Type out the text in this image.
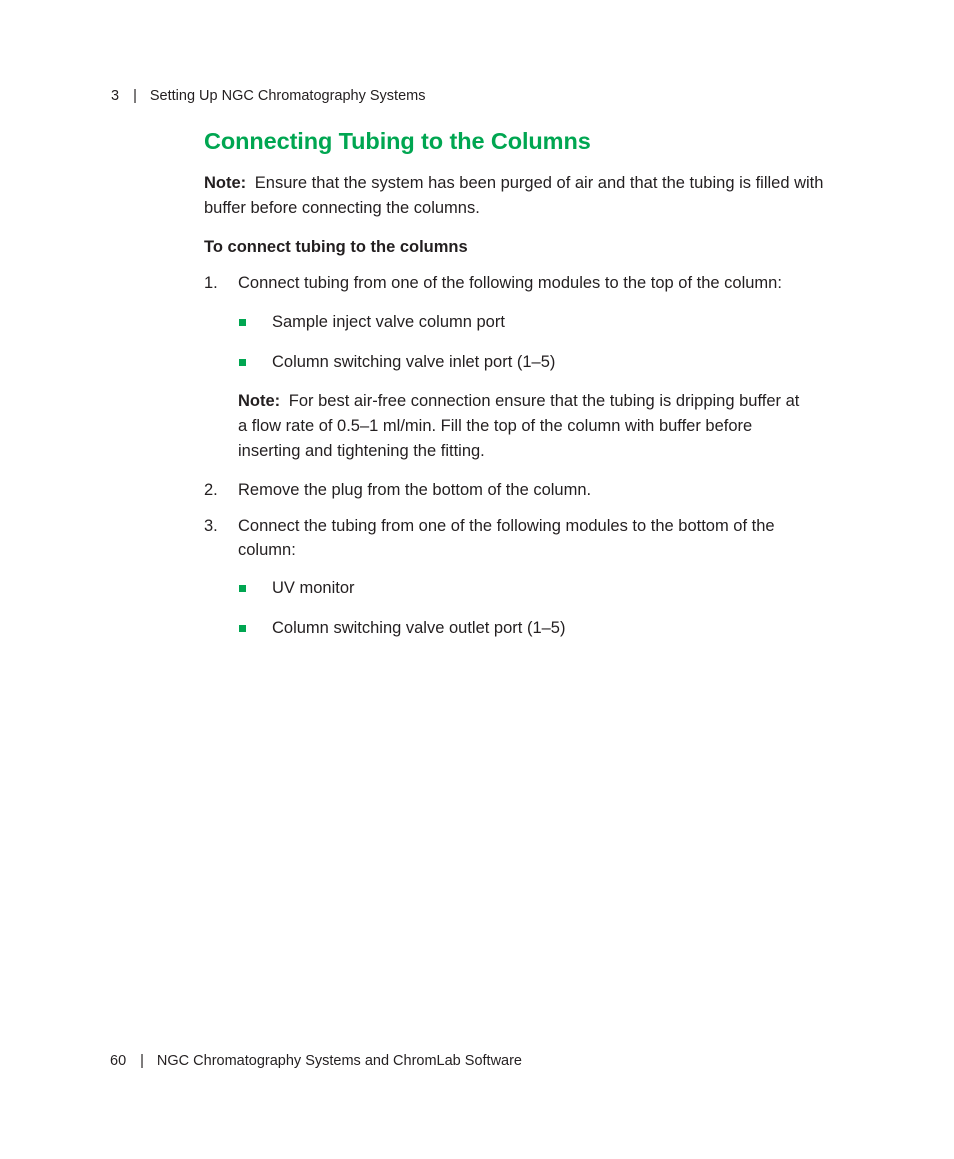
3 | Setting Up NGC Chromatography Systems
Connecting Tubing to the Columns

Note: Ensure that the system has been purged of air and that the tubing is filled with buffer before connecting the columns.

To connect tubing to the columns

1. Connect tubing from one of the following modules to the top of the column:
Sample inject valve column port
Column switching valve inlet port (1–5)

Note: For best air-free connection ensure that the tubing is dripping buffer at a flow rate of 0.5–1 ml/min. Fill the top of the column with buffer before inserting and tightening the fitting.

2. Remove the plug from the bottom of the column.
3. Connect the tubing from one of the following modules to the bottom of the column:
UV monitor
Column switching valve outlet port (1–5)
60 | NGC Chromatography Systems and ChromLab Software
